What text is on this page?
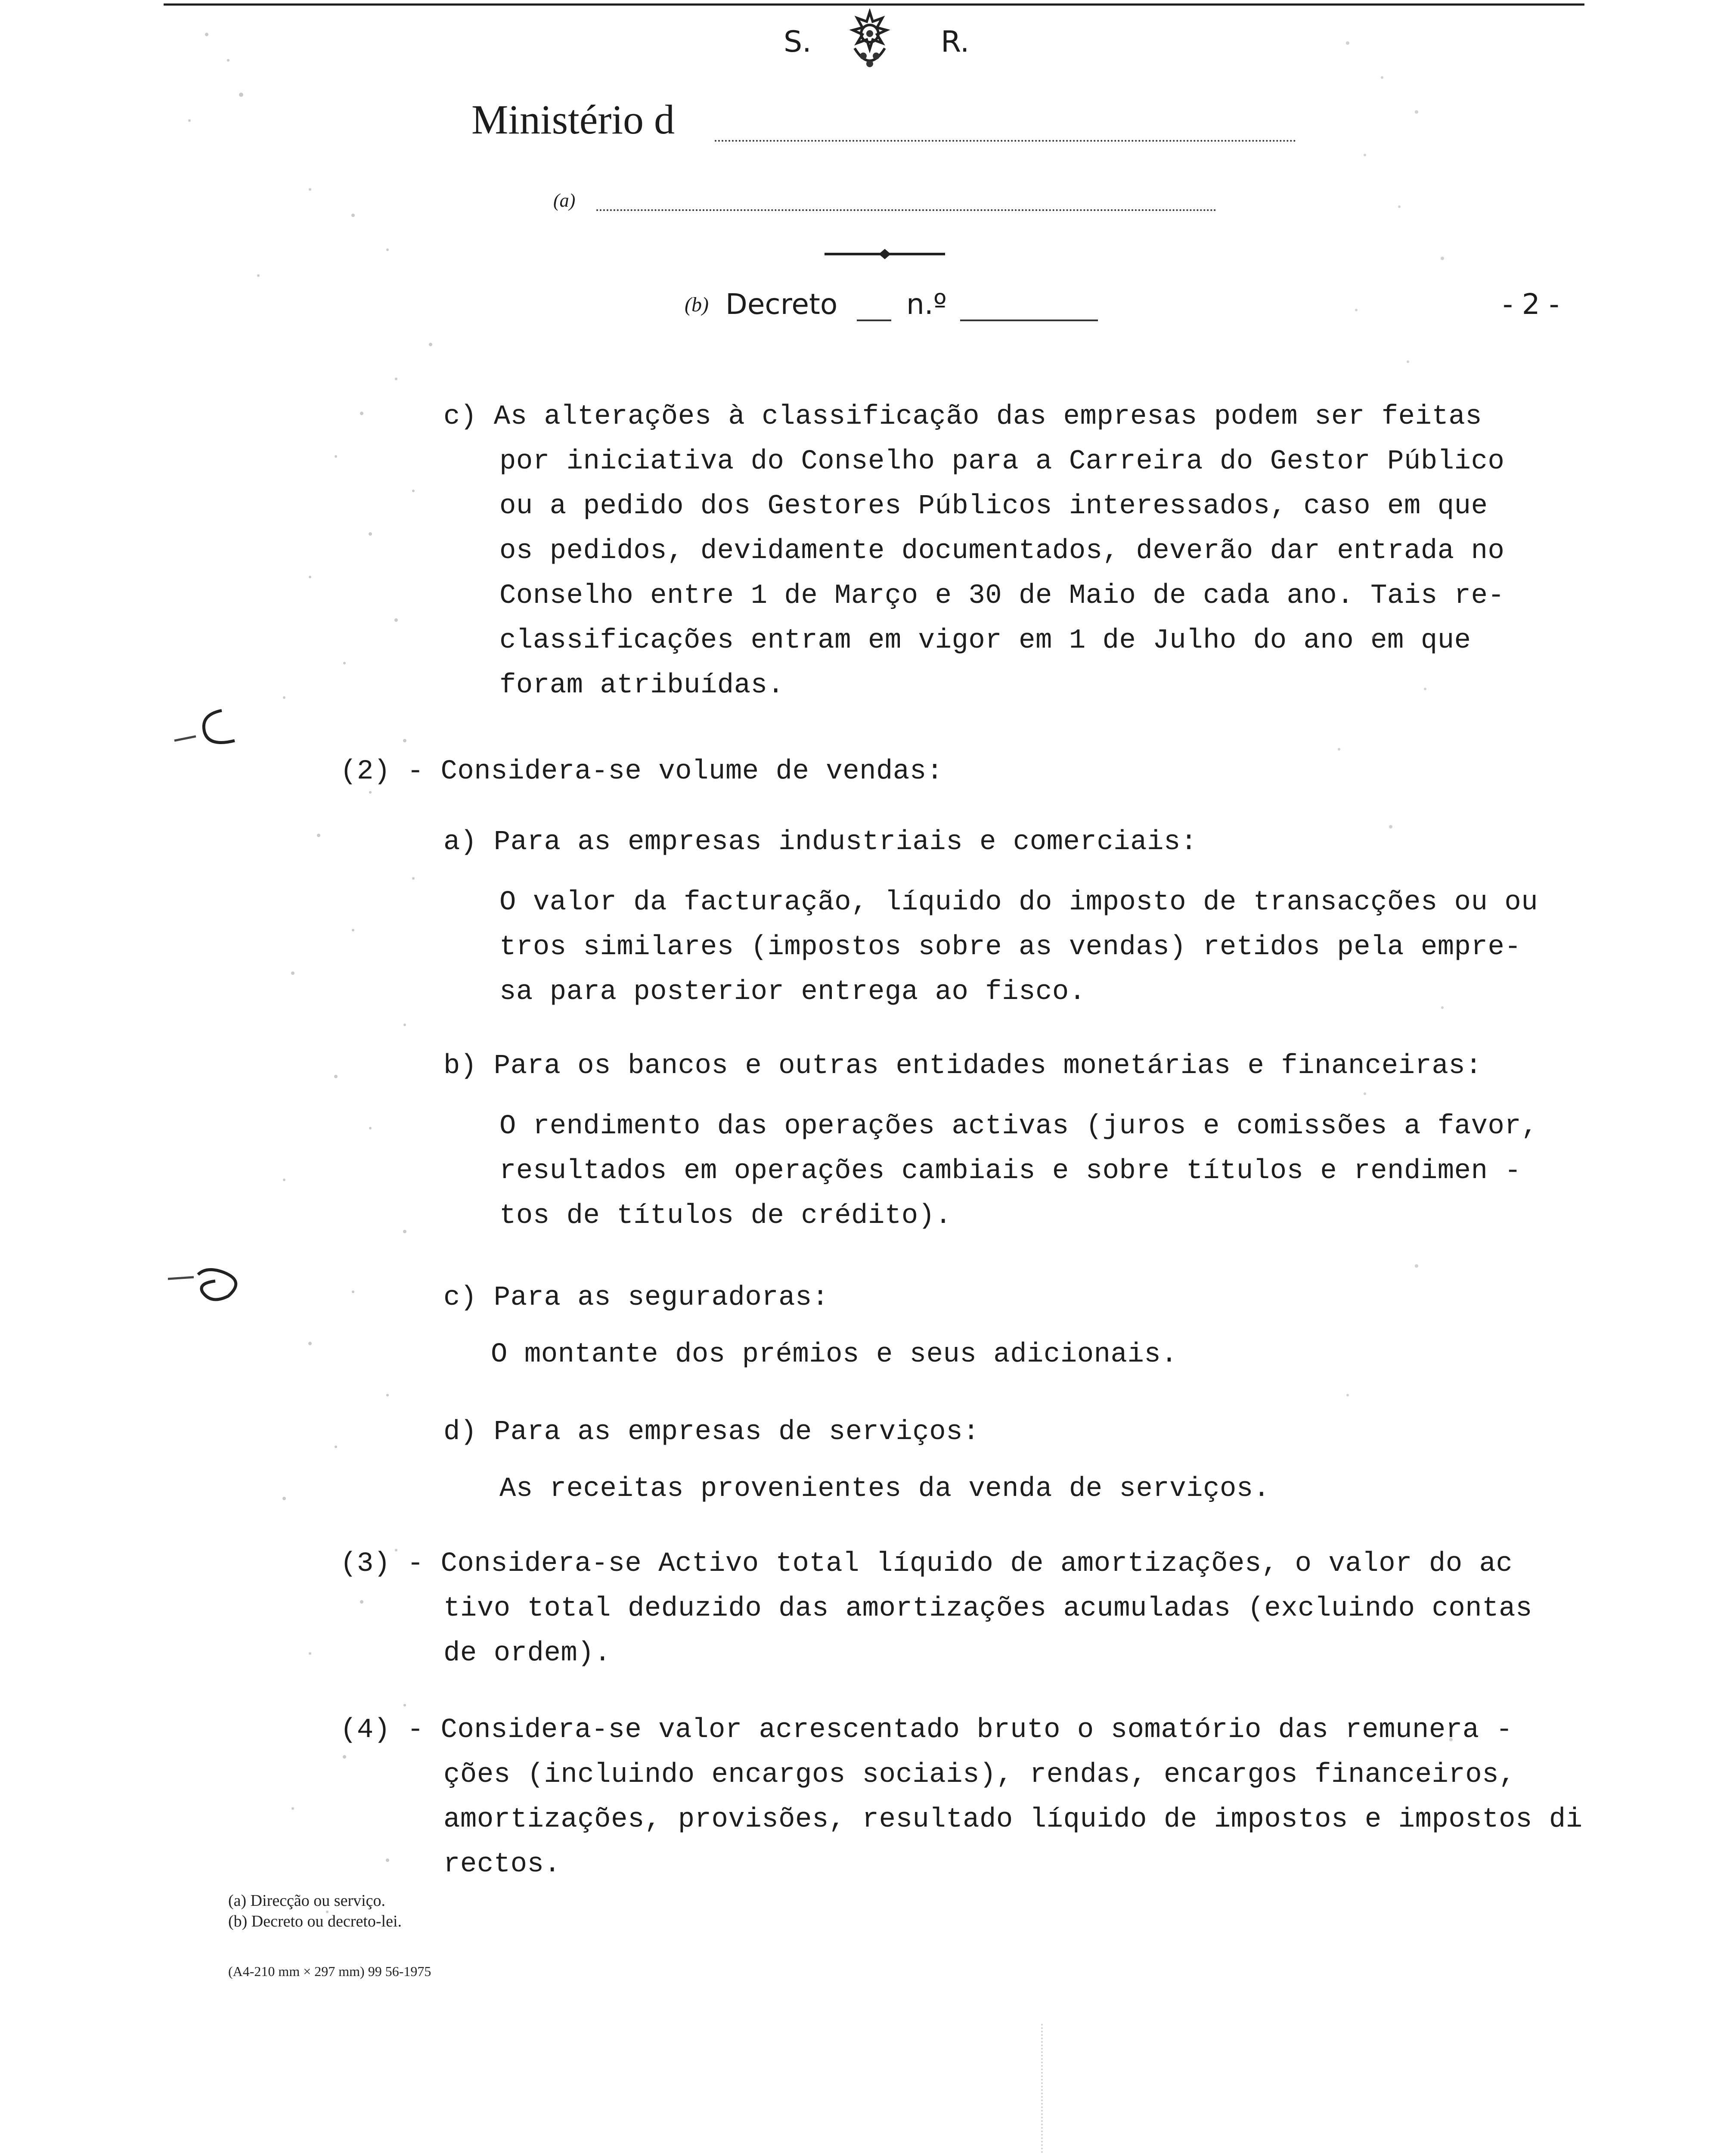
S.	R.
Ministério d
(a)
(b) Decreto n.º	- 2 -
c) As alterações à classificação das empresas podem ser feitas
por iniciativa do Conselho para a Carreira do Gestor Público
ou a pedido dos Gestores Públicos interessados, caso em que
os pedidos, devidamente documentados, deverão dar entrada no
Conselho entre 1 de Março e 30 de Maio de cada ano. Tais re-
classificações entram em vigor em 1 de Julho do ano em que
foram atribuídas.
(2) - Considera-se volume de vendas:
a) Para as empresas industriais e comerciais:
O valor da facturação, líquido do imposto de transacções ou ou
tros similares (impostos sobre as vendas) retidos pela empre-
sa para posterior entrega ao fisco.
b) Para os bancos e outras entidades monetárias e financeiras:
O rendimento das operações activas (juros e comissões a favor,
resultados em operações cambiais e sobre títulos e rendimen -
tos de títulos de crédito).
c) Para as seguradoras:
O montante dos prémios e seus adicionais.
d) Para as empresas de serviços:
As receitas provenientes da venda de serviços.
(3) - Considera-se Activo total líquido de amortizações, o valor do ac
tivo total deduzido das amortizações acumuladas (excluindo contas
de ordem).
(4) - Considera-se valor acrescentado bruto o somatório das remunera -
ções (incluindo encargos sociais), rendas, encargos financeiros,
amortizações, provisões, resultado líquido de impostos e impostos di
rectos.
(a) Direcção ou serviço.
(b) Decreto ou decreto-lei.
(A4-210 mm × 297 mm) 99 56-1975
